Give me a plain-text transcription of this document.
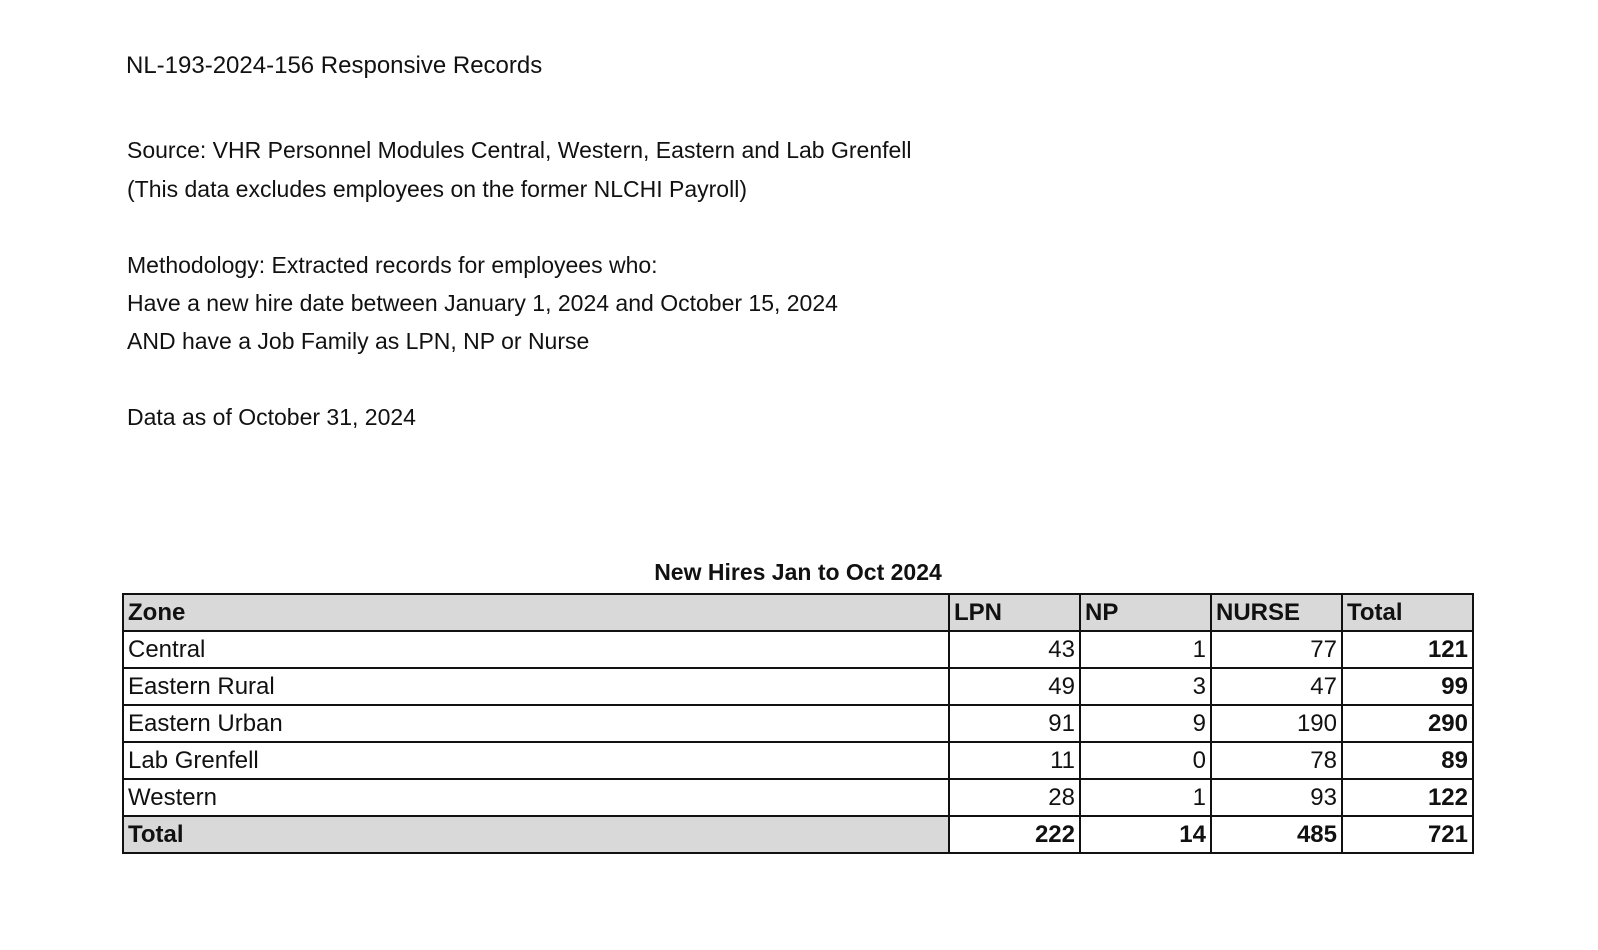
NL-193-2024-156 Responsive Records
Source: VHR Personnel Modules Central, Western, Eastern and Lab Grenfell
(This data excludes employees on the former NLCHI Payroll)
Methodology: Extracted records for employees who:
Have a new hire date between January 1, 2024 and October 15, 2024
AND have a Job Family as LPN, NP or Nurse
Data as of October 31, 2024
New Hires Jan to Oct 2024
Zone	LPN	NP	NURSE	Total
Central	43	1	77	121
Eastern Rural	49	3	47	99
Eastern Urban	91	9	190	290
Lab Grenfell	11	0	78	89
Western	28	1	93	122
Total	222	14	485	721
